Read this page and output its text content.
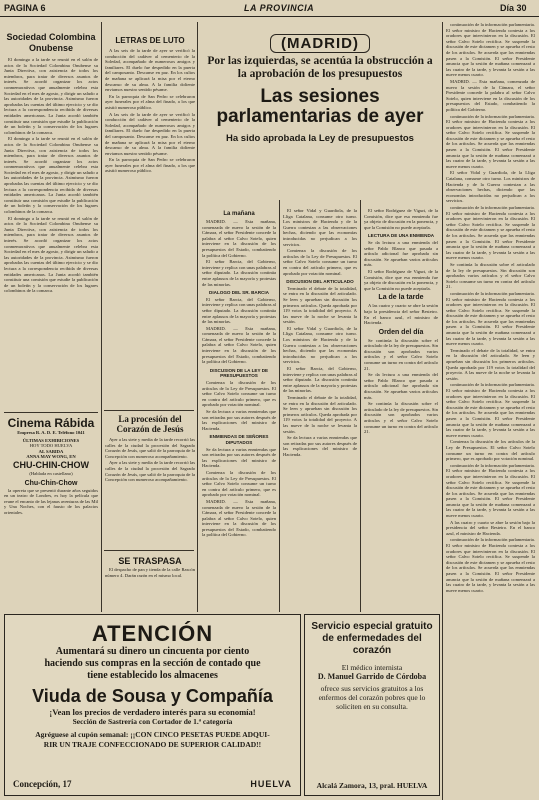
PAGINA 6	LA PROVINCIA	Día 30
Sociedad Colombina Onubense

El domingo a la tarde se reunió en el salón de actos de la Sociedad Colombina Onubense su Junta Directiva, con asistencia de todos los miembros, para tratar de diversos asuntos de interés. Se acordó organizar los actos conmemorativos que anualmente celebra esta Sociedad en el mes de agosto, y dirigir un saludo a las autoridades de la provincia. Asimismo fueron aprobadas las cuentas del último ejercicio y se dio lectura a la correspondencia recibida de diversas entidades americanas. La Junta acordó también constituir una comisión que estudie la publicación de un boletín y la conservación de los lugares colombinos de la comarca.

El domingo a la tarde se reunió en el salón de actos de la Sociedad Colombina Onubense su Junta Directiva, con asistencia de todos los miembros, para tratar de diversos asuntos de interés. Se acordó organizar los actos conmemorativos que anualmente celebra esta Sociedad en el mes de agosto, y dirigir un saludo a las autoridades de la provincia. Asimismo fueron aprobadas las cuentas del último ejercicio y se dio lectura a la correspondencia recibida de diversas entidades americanas. La Junta acordó también constituir una comisión que estudie la publicación de un boletín y la conservación de los lugares colombinos de la comarca.

El domingo a la tarde se reunió en el salón de actos de la Sociedad Colombina Onubense su Junta Directiva, con asistencia de todos los miembros, para tratar de diversos asuntos de interés. Se acordó organizar los actos conmemorativos que anualmente celebra esta Sociedad en el mes de agosto, y dirigir un saludo a las autoridades de la provincia. Asimismo fueron aprobadas las cuentas del último ejercicio y se dio lectura a la correspondencia recibida de diversas entidades americanas. La Junta acordó también constituir una comisión que estudie la publicación de un boletín y la conservación de los lugares colombinos de la comarca.

LETRAS DE LUTO

A las seis de la tarde de ayer se verificó la conducción del cadáver al cementerio de la Soledad, acompañado de numerosos amigos y familiares. El duelo fue despedido en la puerta del camposanto. Descanse en paz. En los cultos de mañana se aplicará la misa por el eterno descanso de su alma. A la familia doliente enviamos nuestro sentido pésame.

En la parroquia de San Pedro se celebraron ayer funerales por el alma del finado, a los que asistió numeroso público.

A las seis de la tarde de ayer se verificó la conducción del cadáver al cementerio de la Soledad, acompañado de numerosos amigos y familiares. El duelo fue despedido en la puerta del camposanto. Descanse en paz. En los cultos de mañana se aplicará la misa por el eterno descanso de su alma. A la familia doliente enviamos nuestro sentido pésame.

En la parroquia de San Pedro se celebraron ayer funerales por el alma del finado, a los que asistió numeroso público.

Cinema Rábida
Empresa R. A. D. E. Teléfono 1041
ÚLTIMAS EXHIBICIONES
HOY TODO HUELVA
AL SABIDA
ANNA MAY WONG, EN
CHU-CHIN-CHOW
(Hablada en castellano)
Chu-Chin-Chow

la opereta que se presentó durante años seguidos en un teatro de Londres, es hoy la película que reune el encanto de las lejanas aventuras de las Mil y Una Noches, con el fausto de los palacios orientales.

La procesión del Corazón de Jesús

Ayer a las siete y media de la tarde recorrió las calles de la ciudad la procesión del Sagrado Corazón de Jesús, que salió de la parroquia de la Concepción con numeroso acompañamiento.

Ayer a las siete y media de la tarde recorrió las calles de la ciudad la procesión del Sagrado Corazón de Jesús, que salió de la parroquia de la Concepción con numeroso acompañamiento.

SE TRASPASA

El despacho de pan y tienda de la calle Rascón número 4. Darán razón en el mismo local.

(MADRID)
Por las izquierdas, se acentúa la obstrucción a la aprobación de los presupuestos
Las sesiones parlamentarias de ayer
Ha sido aprobada la Ley de presupuestos
La mañana

MADRID. — Esta mañana, comenzada de nuevo la sesión de la Cámara, el señor Presidente concede la palabra al señor Calvo Sotelo, quien interviene en la discusión de los presupuestos del Estado, combatiendo la política del Gobierno.

El señor Barcia, del Gobierno, interviene y replica con unas palabras al señor diputado. La discusión continúa entre aplausos de la mayoría y protestas de las minorías.

DIALOGO DEL SR. BARCIA

El señor Barcia, del Gobierno, interviene y replica con unas palabras al señor diputado. La discusión continúa entre aplausos de la mayoría y protestas de las minorías.

MADRID. — Esta mañana, comenzada de nuevo la sesión de la Cámara, el señor Presidente concede la palabra al señor Calvo Sotelo, quien interviene en la discusión de los presupuestos del Estado, combatiendo la política del Gobierno.

DISCUSION DE LA LEY DE PRESUPUESTOS

Comienza la discusión de los artículos de la Ley de Presupuestos. El señor Calvo Sotelo consume un turno en contra del artículo primero, que es aprobado por votación nominal.

Se da lectura a varias enmiendas que son retiradas por sus autores después de las explicaciones del ministro de Hacienda.

ENMIENDAS DE SEÑORES DIPUTADOS

Se da lectura a varias enmiendas que son retiradas por sus autores después de las explicaciones del ministro de Hacienda.

Comienza la discusión de los artículos de la Ley de Presupuestos. El señor Calvo Sotelo consume un turno en contra del artículo primero, que es aprobado por votación nominal.

MADRID. — Esta mañana, comenzada de nuevo la sesión de la Cámara, el señor Presidente concede la palabra al señor Calvo Sotelo, quien interviene en la discusión de los presupuestos del Estado, combatiendo la política del Gobierno.

El señor Vidal y Guardiola, de la Lliga Catalana, consume otro turno. Los ministros de Hacienda y de la Guerra contestan a las observaciones hechas, diciendo que las economías introducidas no perjudican a los servicios.

Comienza la discusión de los artículos de la Ley de Presupuestos. El señor Calvo Sotelo consume un turno en contra del artículo primero, que es aprobado por votación nominal.

DISCUSION DEL ARTICULADO

Terminado el debate de la totalidad, se entra en la discusión del articulado. Se leen y aprueban sin discusión los primeros artículos. Queda aprobada por 119 votos la totalidad del proyecto. A las nueve de la noche se levanta la sesión.

El señor Vidal y Guardiola, de la Lliga Catalana, consume otro turno. Los ministros de Hacienda y de la Guerra contestan a las observaciones hechas, diciendo que las economías introducidas no perjudican a los servicios.

El señor Barcia, del Gobierno, interviene y replica con unas palabras al señor diputado. La discusión continúa entre aplausos de la mayoría y protestas de las minorías.

Terminado el debate de la totalidad, se entra en la discusión del articulado. Se leen y aprueban sin discusión los primeros artículos. Queda aprobada por 119 votos la totalidad del proyecto. A las nueve de la noche se levanta la sesión.

Se da lectura a varias enmiendas que son retiradas por sus autores después de las explicaciones del ministro de Hacienda.

El señor Rodríguez de Viguri, de la Comisión, dice que esa enmienda fue ya objeto de discusión en la ponencia, y que la Comisión no puede aceptarla.

LECTURA DE UNA ENMIENDA

Se da lectura a una enmienda del señor Pablo Blanco que pasada a artículo adicional fue aprobada sin discusión. Se aprueban varios artículos más.

El señor Rodríguez de Viguri, de la Comisión, dice que esa enmienda fue ya objeto de discusión en la ponencia, y que la Comisión no puede aceptarla.

La de la tarde

A las cuatro y cuarto se abre la sesión bajo la presidencia del señor Besteiro. En el banco azul, el ministro de Hacienda.

Orden del día

Se continúa la discusión sobre el articulado de la ley de presupuestos. Sin discusión son aprobados varios artículos y el señor Calvo Sotelo consume un turno en contra del artículo 21.

Se da lectura a una enmienda del señor Pablo Blanco que pasada a artículo adicional fue aprobada sin discusión. Se aprueban varios artículos más.

Se continúa la discusión sobre el articulado de la ley de presupuestos. Sin discusión son aprobados varios artículos y el señor Calvo Sotelo consume un turno en contra del artículo 21.

continuación de la información parlamentaria. El señor ministro de Hacienda contesta a los oradores que intervinieron en la discusión. El señor Calvo Sotelo rectifica. Se suspende la discusión de este dictamen y se aprueba el resto de los artículos. Se acuerda que las enmiendas pasen a la Comisión. El señor Presidente anuncia que la sesión de mañana comenzará a las cuatro de la tarde, y levanta la sesión a las nueve menos cuarto.

MADRID. — Esta mañana, comenzada de nuevo la sesión de la Cámara, el señor Presidente concede la palabra al señor Calvo Sotelo, quien interviene en la discusión de los presupuestos del Estado, combatiendo la política del Gobierno.

continuación de la información parlamentaria. El señor ministro de Hacienda contesta a los oradores que intervinieron en la discusión. El señor Calvo Sotelo rectifica. Se suspende la discusión de este dictamen y se aprueba el resto de los artículos. Se acuerda que las enmiendas pasen a la Comisión. El señor Presidente anuncia que la sesión de mañana comenzará a las cuatro de la tarde, y levanta la sesión a las nueve menos cuarto.

El señor Vidal y Guardiola, de la Lliga Catalana, consume otro turno. Los ministros de Hacienda y de la Guerra contestan a las observaciones hechas, diciendo que las economías introducidas no perjudican a los servicios.

continuación de la información parlamentaria. El señor ministro de Hacienda contesta a los oradores que intervinieron en la discusión. El señor Calvo Sotelo rectifica. Se suspende la discusión de este dictamen y se aprueba el resto de los artículos. Se acuerda que las enmiendas pasen a la Comisión. El señor Presidente anuncia que la sesión de mañana comenzará a las cuatro de la tarde, y levanta la sesión a las nueve menos cuarto.

Se continúa la discusión sobre el articulado de la ley de presupuestos. Sin discusión son aprobados varios artículos y el señor Calvo Sotelo consume un turno en contra del artículo 21.

continuación de la información parlamentaria. El señor ministro de Hacienda contesta a los oradores que intervinieron en la discusión. El señor Calvo Sotelo rectifica. Se suspende la discusión de este dictamen y se aprueba el resto de los artículos. Se acuerda que las enmiendas pasen a la Comisión. El señor Presidente anuncia que la sesión de mañana comenzará a las cuatro de la tarde, y levanta la sesión a las nueve menos cuarto.

Terminado el debate de la totalidad, se entra en la discusión del articulado. Se leen y aprueban sin discusión los primeros artículos. Queda aprobada por 119 votos la totalidad del proyecto. A las nueve de la noche se levanta la sesión.

continuación de la información parlamentaria. El señor ministro de Hacienda contesta a los oradores que intervinieron en la discusión. El señor Calvo Sotelo rectifica. Se suspende la discusión de este dictamen y se aprueba el resto de los artículos. Se acuerda que las enmiendas pasen a la Comisión. El señor Presidente anuncia que la sesión de mañana comenzará a las cuatro de la tarde, y levanta la sesión a las nueve menos cuarto.

Comienza la discusión de los artículos de la Ley de Presupuestos. El señor Calvo Sotelo consume un turno en contra del artículo primero, que es aprobado por votación nominal.

continuación de la información parlamentaria. El señor ministro de Hacienda contesta a los oradores que intervinieron en la discusión. El señor Calvo Sotelo rectifica. Se suspende la discusión de este dictamen y se aprueba el resto de los artículos. Se acuerda que las enmiendas pasen a la Comisión. El señor Presidente anuncia que la sesión de mañana comenzará a las cuatro de la tarde, y levanta la sesión a las nueve menos cuarto.

A las cuatro y cuarto se abre la sesión bajo la presidencia del señor Besteiro. En el banco azul, el ministro de Hacienda.

continuación de la información parlamentaria. El señor ministro de Hacienda contesta a los oradores que intervinieron en la discusión. El señor Calvo Sotelo rectifica. Se suspende la discusión de este dictamen y se aprueba el resto de los artículos. Se acuerda que las enmiendas pasen a la Comisión. El señor Presidente anuncia que la sesión de mañana comenzará a las cuatro de la tarde, y levanta la sesión a las nueve menos cuarto.

ATENCIÓN
Aumentará su dinero un cincuenta por ciento
haciendo sus compras en la sección de contado que
tiene establecido los almacenes
Viuda de Sousa y Compañía
¡Vean los precios de verdadero interés para su economía!
Sección de Sastrería con Cortador de 1.ª categoría
Agréguese al cupón semanal: ¡¡CON CINCO PESETAS PUEDE ADQUI-
RIR UN TRAJE CONFECCIONADO DE SUPERIOR CALIDAD!!
Concepción, 17	HUELVA
Servicio especial gratuito de enfermedades del corazón
El médico internista
D. Manuel Garrido de Córdoba
ofrece sus servicios gratuitos a los enfermos del corazón pobres que lo soliciten en su consulta.
Alcalá Zamora, 13, pral. HUELVA
